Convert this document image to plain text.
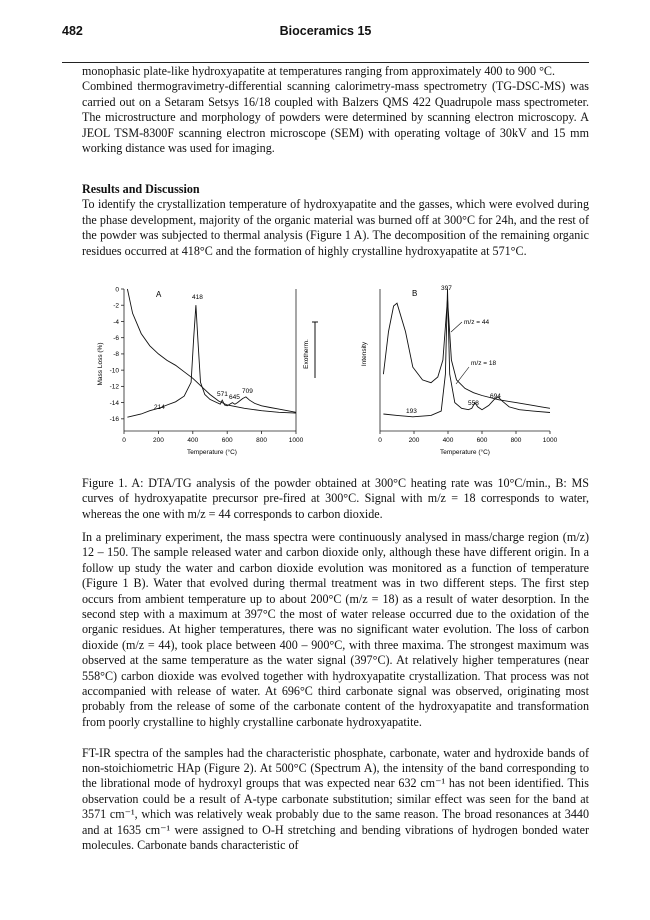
482	Bioceramics 15

monophasic plate-like hydroxyapatite at temperatures ranging from approximately 400 to 900 °C.

Combined thermogravimetry-differential scanning calorimetry-mass spectrometry (TG-DSC-MS) was carried out on a Setaram Setsys 16/18 coupled with Balzers QMS 422 Quadrupole mass spectrometer. The microstructure and morphology of powders were determined by scanning electron microscopy. A JEOL TSM-8300F scanning electron microscope (SEM) with operating voltage of 30kV and 15 mm working distance was used for imaging.

Results and Discussion

To identify the crystallization temperature of hydroxyapatite and the gasses, which were evolved during the phase development, majority of the organic material was burned off at 300°C for 24h, and the rest of the powder was subjected to thermal analysis (Figure 1 A). The decomposition of the remaining organic residues occurred at 418°C and the formation of highly crystalline hydroxyapatite at 571°C.

0	200	400	600	800	1000
0
-2
-4
-6
-8
-10
-12
-14
-16
A	418
214
571 645
709
Temperature (°C)
Mass Loss (%)	Exotherm.
0	200	400	600	800	1000
B
397
193
558
694
m/z = 44
m/z = 18
Temperature (°C)
Intensity

Figure 1. A: DTA/TG analysis of the powder obtained at 300°C heating rate was 10°C/min., B: MS curves of hydroxyapatite precursor pre-fired at 300°C. Signal with m/z = 18 corresponds to water, whereas the one with m/z = 44 corresponds to carbon dioxide.

In a preliminary experiment, the mass spectra were continuously analysed in mass/charge region (m/z) 12 – 150. The sample released water and carbon dioxide only, although these have different origin. In a follow up study the water and carbon dioxide evolution was monitored as a function of temperature (Figure 1 B). Water that evolved during thermal treatment was in two different steps. The first step occurs from ambient temperature up to about 200°C (m/z = 18) as a result of water desorption. In the second step with a maximum at 397°C the most of water release occurred due to the oxidation of the organic residues. At higher temperatures, there was no significant water evolution. The loss of carbon dioxide (m/z = 44), took place between 400 – 900°C, with three maxima. The strongest maximum was observed at the same temperature as the water signal (397°C). At relatively higher temperatures (near 558°C) carbon dioxide was evolved together with hydroxyapatite crystallization. That process was not accompanied with release of water. At 696°C third carbonate signal was observed, originating most probably from the release of some of the carbonate content of the hydroxyapatite and transformation from poorly crystalline to highly crystalline carbonate hydroxyapatite.

FT-IR spectra of the samples had the characteristic phosphate, carbonate, water and hydroxide bands of non-stoichiometric HAp (Figure 2). At 500°C (Spectrum A), the intensity of the band corresponding to the librational mode of hydroxyl groups that was expected near 632 cm⁻¹ has not been identified. This observation could be a result of A-type carbonate substitution; similar effect was seen for the band at 3571 cm⁻¹, which was relatively weak probably due to the same reason. The broad resonances at 3440 and at 1635 cm⁻¹ were assigned to O-H stretching and bending vibrations of hydrogen bonded water molecules. Carbonate bands characteristic of
